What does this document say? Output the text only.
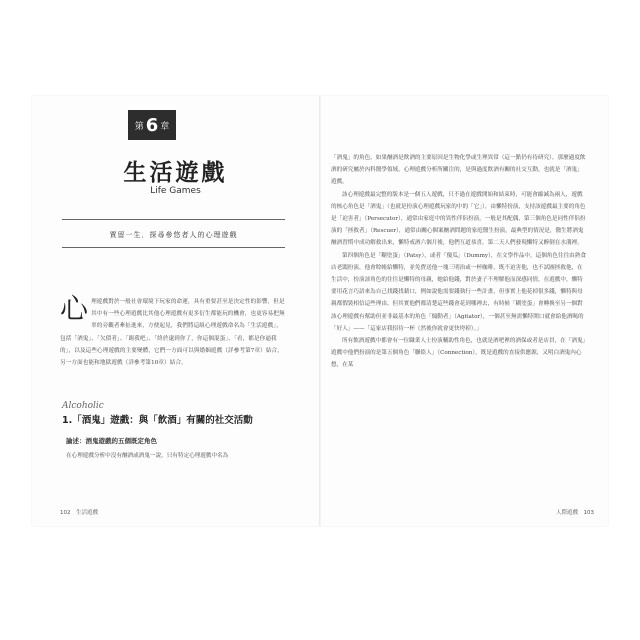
第 6 章
生活遊戲
Life Games
賈留一生．探尋參悠者人的心理遊戲
心 理遊戲對於一般社會環境下玩家的命運，具有重要甚至是決定性的影響，但是其中有一些心理遊戲比其他心理遊戲有更多衍生都能玩的機會，也更容易把無辜的旁觀者牽扯進來，方便起見，我們將這組心理遊戲命名為「生活遊戲」，包括「酒鬼」、「欠債者」、「踢我吧」、「終於逮到你了，你這個混蛋」、「看，都是你逼我的」，以及這些心理遊戲的主要變體，它們一方面可以與婚姻遊戲（詳參考第7章）結合，另一方面也能和地獄遊戲（詳參考第10章）結合。
Alcoholic
1.「酒鬼」遊戲：與「飲酒」有關的社交活動
論述：酒鬼遊戲的五個既定角色
在心理遊戲分析中沒有酗酒或酒鬼一說，只有特定心理遊戲中名為
102　生活遊戲

「酒鬼」的角色，如果酗酒是飲酒的主要原因是生物化學或生理異常（這一點仍有待研究），那麼過度飲酒的研究屬於內科醫學領域，心理遊戲分析所關注的，是與過度飲酒有關的社交互動，也就是「酒鬼」遊戲。

該心理遊戲最完整的版本是一個五人遊戲，只不過在遊戲開始和結束時，可能會縮減為兩人，遊戲的核心角色是「酒鬼」（也就是扮演心理遊戲玩家的中的「它」），由懶特扮演，支持該遊戲最主要的角色是「迫害者」（Persecutor），通常由家庭中的異性伴侶扮演，一般是其配偶，第三個角色是同性伴侶扮演的「拯救者」（Rescuer），通常由關心個案酗酒問題的家庭醫生扮演，最典型的情況是，醫生將酒鬼酗酒習慣中成功解救出來，懶特戒酒六個月後，他們互道恭喜，第二天人們發現懶特又醉倒在水溝裡。

第四個角色是「糊塗蛋」（Patsy），或者「傻瓜」（Dummy），在文學作品中，這個角色往往由熟食店老闆扮演，他會賒帳給懶特，並免費送他一塊三明治或一杯咖啡，既不迫害他，也不試圖拯救他，在生活中，扮演該角色的往往是懶特的母親，她給他錢，對於妻子不理解他而深感同情，在遊戲中，懶特要用花言巧語來為自己找錢找藉口，例如說他需要錢執行一些計畫，但事實上他花掉很多錢，懶特與母親都假裝相信這些理由，但其實他們都清楚這些錢會花到哪裡去，有時候「糊塗蛋」會轉換至另一個對該心理遊戲有幫助但並非最基本的角色「煽動者」（Agitator），一個甚至無需懶特開口就會給他酒喝的「好人」——「這家店我招待一杯（然後你就會更快垮掉）。」

所有飲酒遊戲中都會有一位職業人士扮演輔助性角色，也就是酒吧裡的酒保或者是店員，在「酒鬼」遊戲中他們扮演的是第五個角色「聯絡人」（Connection），既是遊戲的直接供應源，又明白酒鬼內心想，在某

人際遊戲　103
